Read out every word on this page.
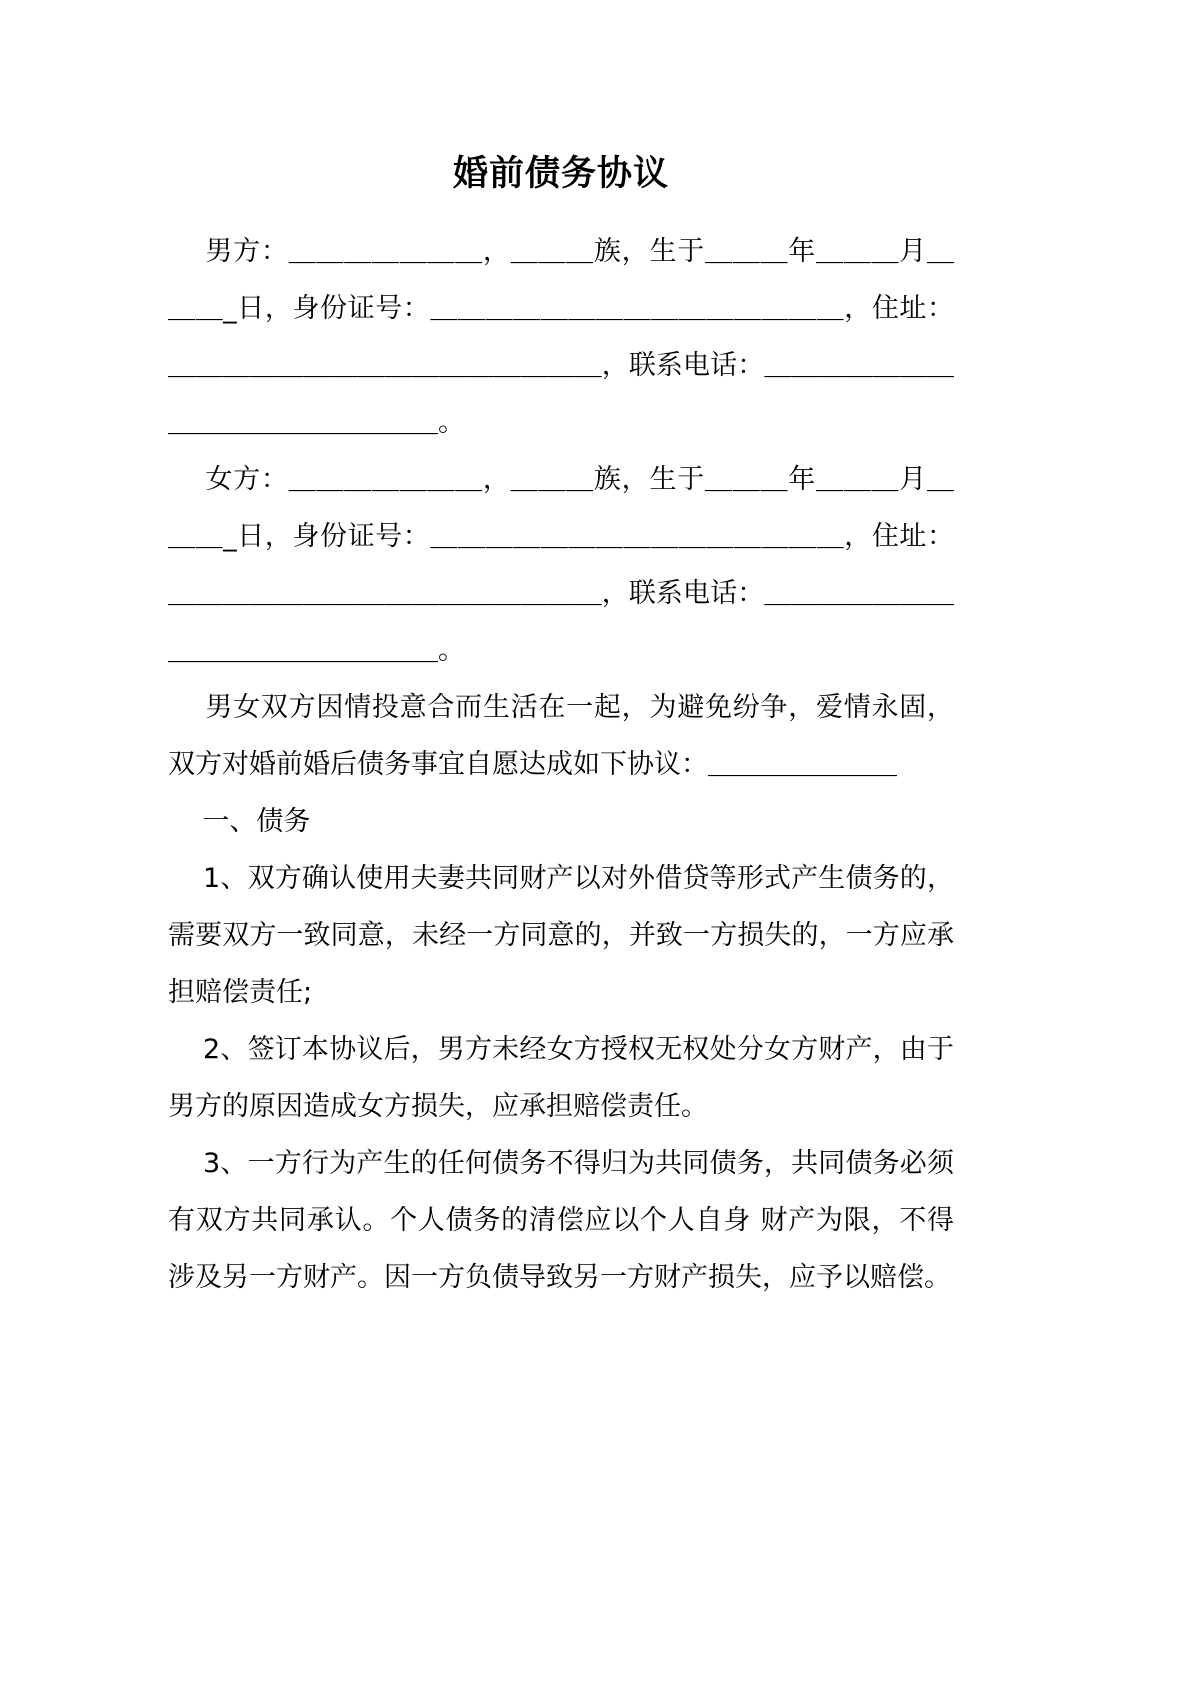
婚前债务协议

男方：＿＿＿＿＿＿＿，＿＿＿族，生于＿＿＿年＿＿＿月＿＿＿_日，身份证号：＿＿＿＿＿＿＿＿＿＿＿＿＿＿＿，住址：＿＿＿＿＿＿＿＿＿＿＿＿＿＿＿＿，联系电话：＿＿＿＿＿＿＿＿＿＿＿＿＿＿＿＿＿。

女方：＿＿＿＿＿＿＿，＿＿＿族，生于＿＿＿年＿＿＿月＿＿＿_日，身份证号：＿＿＿＿＿＿＿＿＿＿＿＿＿＿＿，住址：＿＿＿＿＿＿＿＿＿＿＿＿＿＿＿＿，联系电话：＿＿＿＿＿＿＿＿＿＿＿＿＿＿＿＿＿。

男女双方因情投意合而生活在一起，为避免纷争，爱情永固，双方对婚前婚后债务事宜自愿达成如下协议：＿＿＿＿＿＿＿

一、债务

1、双方确认使用夫妻共同财产以对外借贷等形式产生债务的，需要双方一致同意，未经一方同意的，并致一方损失的，一方应承担赔偿责任;

2、签订本协议后，男方未经女方授权无权处分女方财产，由于男方的原因造成女方损失，应承担赔偿责任。

3、一方行为产生的任何债务不得归为共同债务，共同债务必须有双方共同承认。个人债务的清偿应以个人自身 财产为限，不得涉及另一方财产。因一方负债导致另一方财产损失，应予以赔偿。
